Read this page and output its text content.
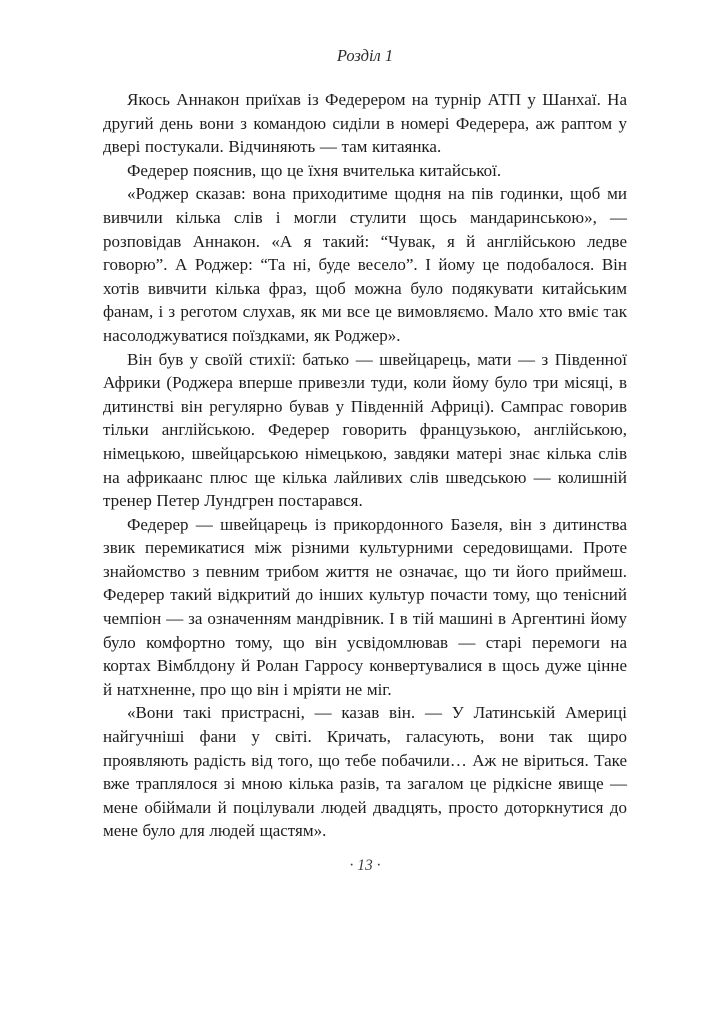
Розділ 1

Якось Аннакон приїхав із Федерером на турнір АТП у Шанхаї. На другий день вони з командою сиділи в номері Федерера, аж раптом у двері постукали. Відчиняють — там китаянка.

Федерер пояснив, що це їхня вчителька китайської.

«Роджер сказав: вона приходитиме щодня на пів годинки, щоб ми вивчили кілька слів і могли стулити щось мандаринською», — розповідав Аннакон. «А я такий: “Чувак, я й англійською ледве говорю”. А Роджер: “Та ні, буде весело”. І йому це подобалося. Він хотів вивчити кілька фраз, щоб можна було подякувати китайським фанам, і з реготом слухав, як ми все це вимовляємо. Мало хто вміє так насолоджуватися поїздками, як Роджер».

Він був у своїй стихії: батько — швейцарець, мати — з Південної Африки (Роджера вперше привезли туди, коли йому було три місяці, в дитинстві він регулярно бував у Південній Африці). Сампрас говорив тільки англійською. Федерер говорить французькою, англійською, німецькою, швейцарською німецькою, завдяки матері знає кілька слів на африкаанс плюс ще кілька лайливих слів шведською — колишній тренер Петер Лундгрен постарався.

Федерер — швейцарець із прикордонного Базеля, він з дитинства звик перемикатися між різними культурними середовищами. Проте знайомство з певним трибом життя не означає, що ти його приймеш. Федерер такий відкритий до інших культур почасти тому, що тенісний чемпіон — за означенням мандрівник. І в тій машині в Аргентині йому було комфортно тому, що він усвідомлював — старі перемоги на кортах Вімблдону й Ролан Гарросу конвертувалися в щось дуже цінне й натхненне, про що він і мріяти не міг.

«Вони такі пристрасні, — казав він. — У Латинській Америці найгучніші фани у світі. Кричать, галасують, вони так щиро проявляють радість від того, що тебе побачили… Аж не віриться. Таке вже траплялося зі мною кілька разів, та загалом це рідкісне явище — мене обіймали й поцілували людей двадцять, просто доторкнутися до мене було для людей щастям».

· 13 ·
